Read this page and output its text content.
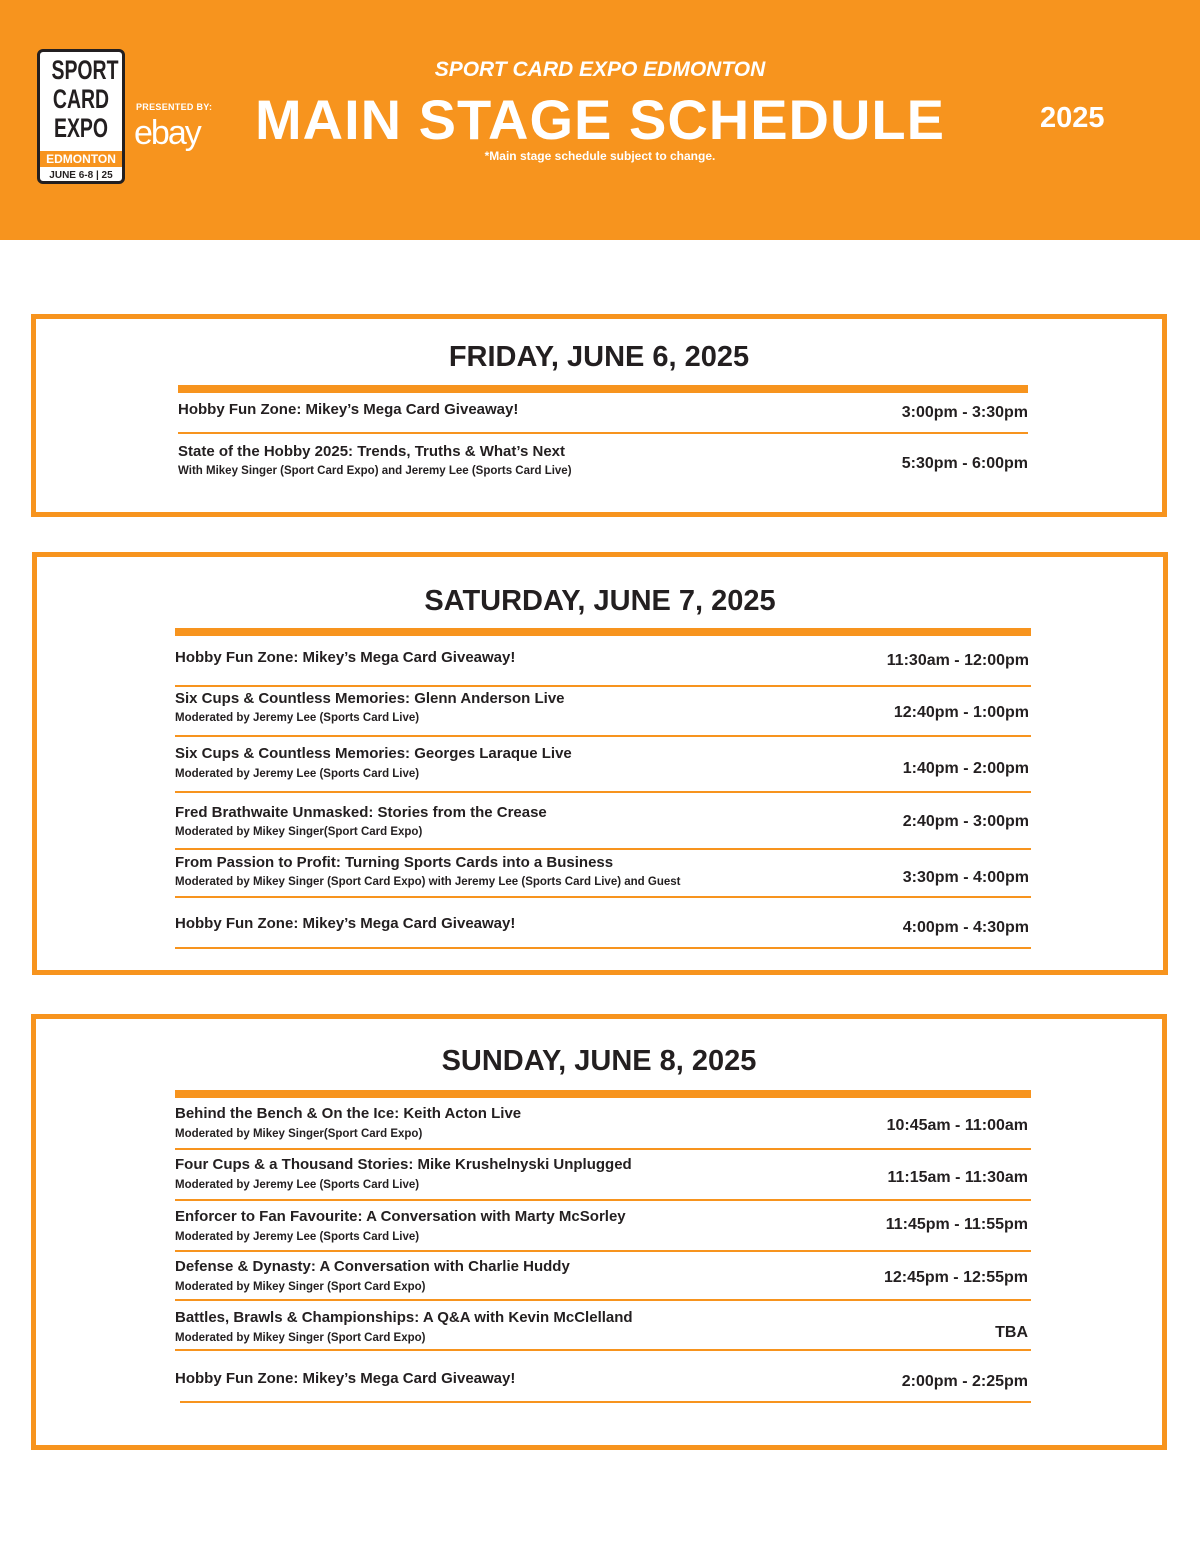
SPORT CARD EXPO
EDMONTON
JUNE 6-8 | 25
PRESENTED BY:
ebay
SPORT CARD EXPO EDMONTON
MAIN STAGE SCHEDULE
*Main stage schedule subject to change.
2025
FRIDAY, JUNE 6, 2025
Hobby Fun Zone: Mikey’s Mega Card Giveaway!	3:00pm - 3:30pm
State of the Hobby 2025: Trends, Truths & What’s Next
With Mikey Singer (Sport Card Expo) and Jeremy Lee (Sports Card Live)	5:30pm - 6:00pm
SATURDAY, JUNE 7, 2025
Hobby Fun Zone: Mikey’s Mega Card Giveaway!	11:30am - 12:00pm
Six Cups & Countless Memories: Glenn Anderson Live
Moderated by Jeremy Lee (Sports Card Live)	12:40pm - 1:00pm
Six Cups & Countless Memories: Georges Laraque Live
Moderated by Jeremy Lee (Sports Card Live)	1:40pm - 2:00pm
Fred Brathwaite Unmasked: Stories from the Crease
Moderated by Mikey Singer(Sport Card Expo)
2:40pm - 3:00pm
From Passion to Profit: Turning Sports Cards into a Business
Moderated by Mikey Singer (Sport Card Expo) with Jeremy Lee (Sports Card Live) and Guest	3:30pm - 4:00pm
Hobby Fun Zone: Mikey’s Mega Card Giveaway!	4:00pm - 4:30pm
SUNDAY, JUNE 8, 2025
Behind the Bench & On the Ice: Keith Acton Live
Moderated by Mikey Singer(Sport Card Expo)	10:45am - 11:00am
Four Cups & a Thousand Stories: Mike Krushelnyski Unplugged
Moderated by Jeremy Lee (Sports Card Live)	11:15am - 11:30am
Enforcer to Fan Favourite: A Conversation with Marty McSorley
Moderated by Jeremy Lee (Sports Card Live)
11:45pm - 11:55pm
Defense & Dynasty: A Conversation with Charlie Huddy
Moderated by Mikey Singer (Sport Card Expo)
12:45pm - 12:55pm
Battles, Brawls & Championships: A Q&A with Kevin McClelland
Moderated by Mikey Singer (Sport Card Expo)	TBA
Hobby Fun Zone: Mikey’s Mega Card Giveaway!	2:00pm - 2:25pm
